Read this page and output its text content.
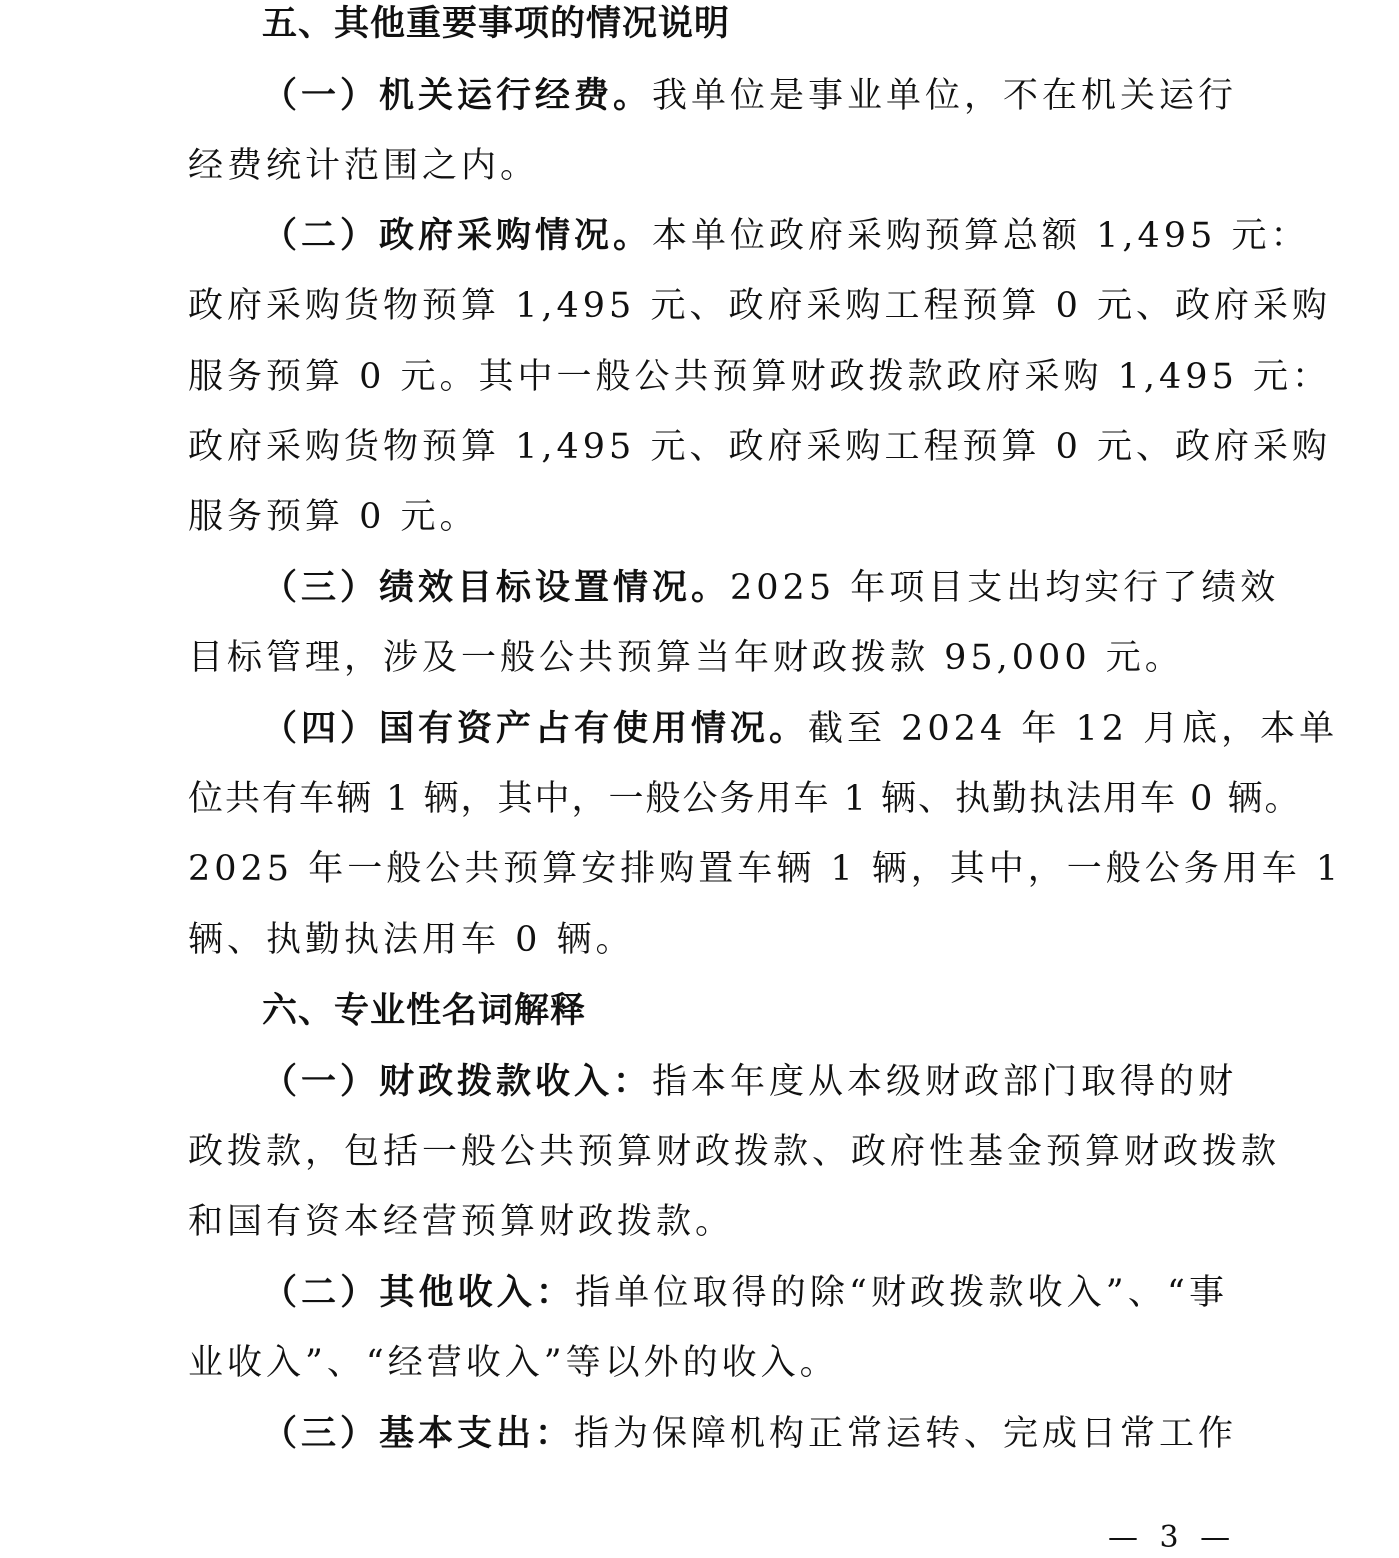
五、其他重要事项的情况说明
（一）机关运行经费。我单位是事业单位，不在机关运行
经费统计范围之内。
（二）政府采购情况。本单位政府采购预算总额 1,495 元：
政府采购货物预算 1,495 元、政府采购工程预算 0 元、政府采购
服务预算 0 元。其中一般公共预算财政拨款政府采购 1,495 元：
政府采购货物预算 1,495 元、政府采购工程预算 0 元、政府采购
服务预算 0 元。
（三）绩效目标设置情况。2025 年项目支出均实行了绩效
目标管理，涉及一般公共预算当年财政拨款 95,000 元。
（四）国有资产占有使用情况。截至 2024 年 12 月底，本单
位共有车辆 1 辆，其中，一般公务用车 1 辆、执勤执法用车 0 辆。
2025 年一般公共预算安排购置车辆 1 辆，其中，一般公务用车 1
辆、执勤执法用车 0 辆。
六、专业性名词解释
（一）财政拨款收入：指本年度从本级财政部门取得的财
政拨款，包括一般公共预算财政拨款、政府性基金预算财政拨款
和国有资本经营预算财政拨款。
（二）其他收入：指单位取得的除“财政拨款收入”、“事
业收入”、“经营收入”等以外的收入。
（三）基本支出：指为保障机构正常运转、完成日常工作
— 3 —
